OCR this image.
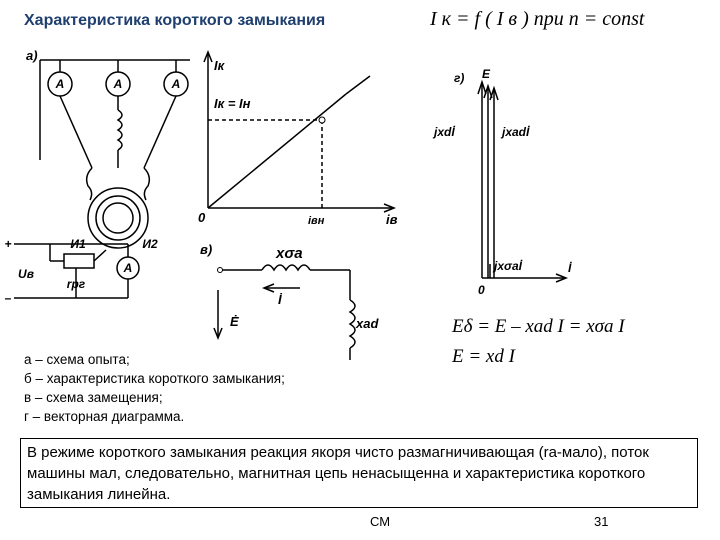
Характеристика короткого замыкания	I к = f ( I в ) при n = const
а)
A	A	A
A
+
–
И1	И2
Uв
rрг
Iк
iв
0
Iк = Iн
iвн
в)	xσa
xad
İ
Ė
г) E
jxdİ	jxadİ
jxσaİ	İ
0
Eδ = E – xad I = xσa I
E = xd I
а – схема опыта;
б – характеристика короткого замыкания;
в – схема замещения;
г – векторная диаграмма.
В режиме короткого замыкания реакция якоря чисто размагничивающая (rа-мало), поток машины мал, следовательно, магнитная цепь ненасыщенна и характеристика короткого замыкания линейна.
СМ	31
